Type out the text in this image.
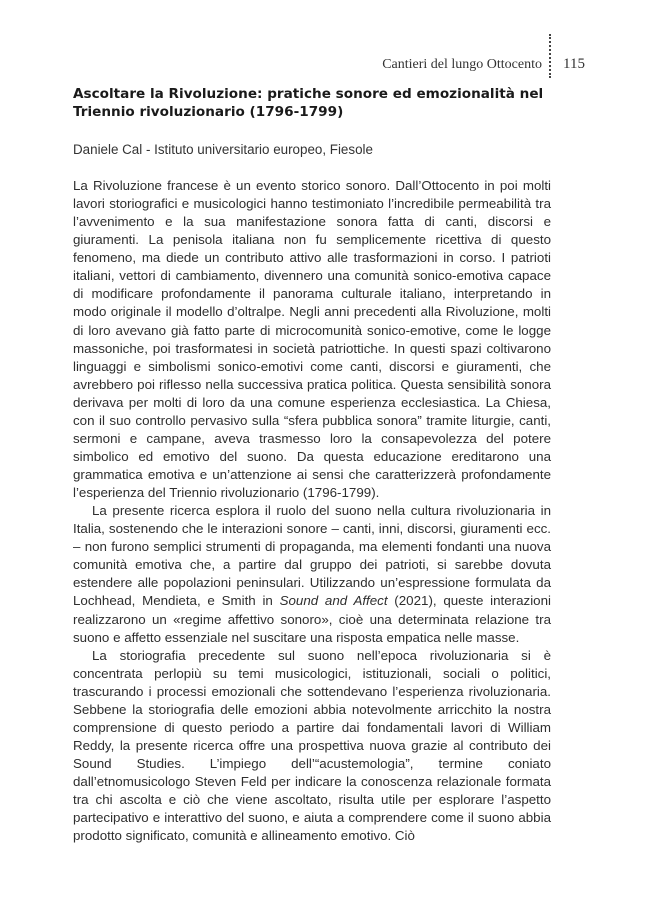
Cantieri del lungo Ottocento 115
Ascoltare la Rivoluzione: pratiche sonore ed emozionalità nel Triennio rivoluzionario (1796-1799)
Daniele Cal - Istituto universitario europeo, Fiesole

La Rivoluzione francese è un evento storico sonoro. Dall’Ottocento in poi molti lavori storiografici e musicologici hanno testimoniato l’incredibile permeabilità tra l’avvenimento e la sua manifestazione sonora fatta di canti, discorsi e giuramenti. La penisola italiana non fu semplicemente ricettiva di questo fenomeno, ma diede un contributo attivo alle trasformazioni in corso. I patrioti italiani, vettori di cambiamento, divennero una comunità sonico-emotiva capace di modificare profondamente il panorama culturale italiano, interpretando in modo originale il modello d’oltralpe. Negli anni precedenti alla Rivoluzione, molti di loro avevano già fatto parte di microcomunità sonico-emotive, come le logge massoniche, poi trasformatesi in società patriottiche. In questi spazi coltivarono linguaggi e simbolismi sonico-emotivi come canti, discorsi e giuramenti, che avrebbero poi riflesso nella successiva pratica politica. Questa sensibilità sonora derivava per molti di loro da una comune esperienza ecclesiastica. La Chiesa, con il suo controllo pervasivo sulla “sfera pubblica sonora” tramite liturgie, canti, sermoni e campane, aveva trasmesso loro la consapevolezza del potere simbolico ed emotivo del suono. Da questa educazione ereditarono una grammatica emotiva e un’attenzione ai sensi che caratterizzerà profondamente l’esperienza del Triennio rivoluzionario (1796-1799).

La presente ricerca esplora il ruolo del suono nella cultura rivoluzionaria in Italia, sostenendo che le interazioni sonore – canti, inni, discorsi, giuramenti ecc. – non furono semplici strumenti di propaganda, ma elementi fondanti una nuova comunità emotiva che, a partire dal gruppo dei patrioti, si sarebbe dovuta estendere alle popolazioni peninsulari. Utilizzando un’espressione formulata da Lochhead, Mendieta, e Smith in Sound and Affect (2021), queste interazioni realizzarono un «regime affettivo sonoro», cioè una determinata relazione tra suono e affetto essenziale nel suscitare una risposta empatica nelle masse.

La storiografia precedente sul suono nell’epoca rivoluzionaria si è concentrata perlopiù su temi musicologici, istituzionali, sociali o politici, trascurando i processi emozionali che sottendevano l’esperienza rivoluzionaria. Sebbene la storiografia delle emozioni abbia notevolmente arricchito la nostra comprensione di questo periodo a partire dai fondamentali lavori di William Reddy, la presente ricerca offre una prospettiva nuova grazie al contributo dei Sound Studies. L’impiego dell’“acustemologia”, termine coniato dall’etnomusicologo Steven Feld per indicare la conoscenza relazionale formata tra chi ascolta e ciò che viene ascoltato, risulta utile per esplorare l’aspetto partecipativo e interattivo del suono, e aiuta a comprendere come il suono abbia prodotto significato, comunità e allineamento emotivo. Ciò
